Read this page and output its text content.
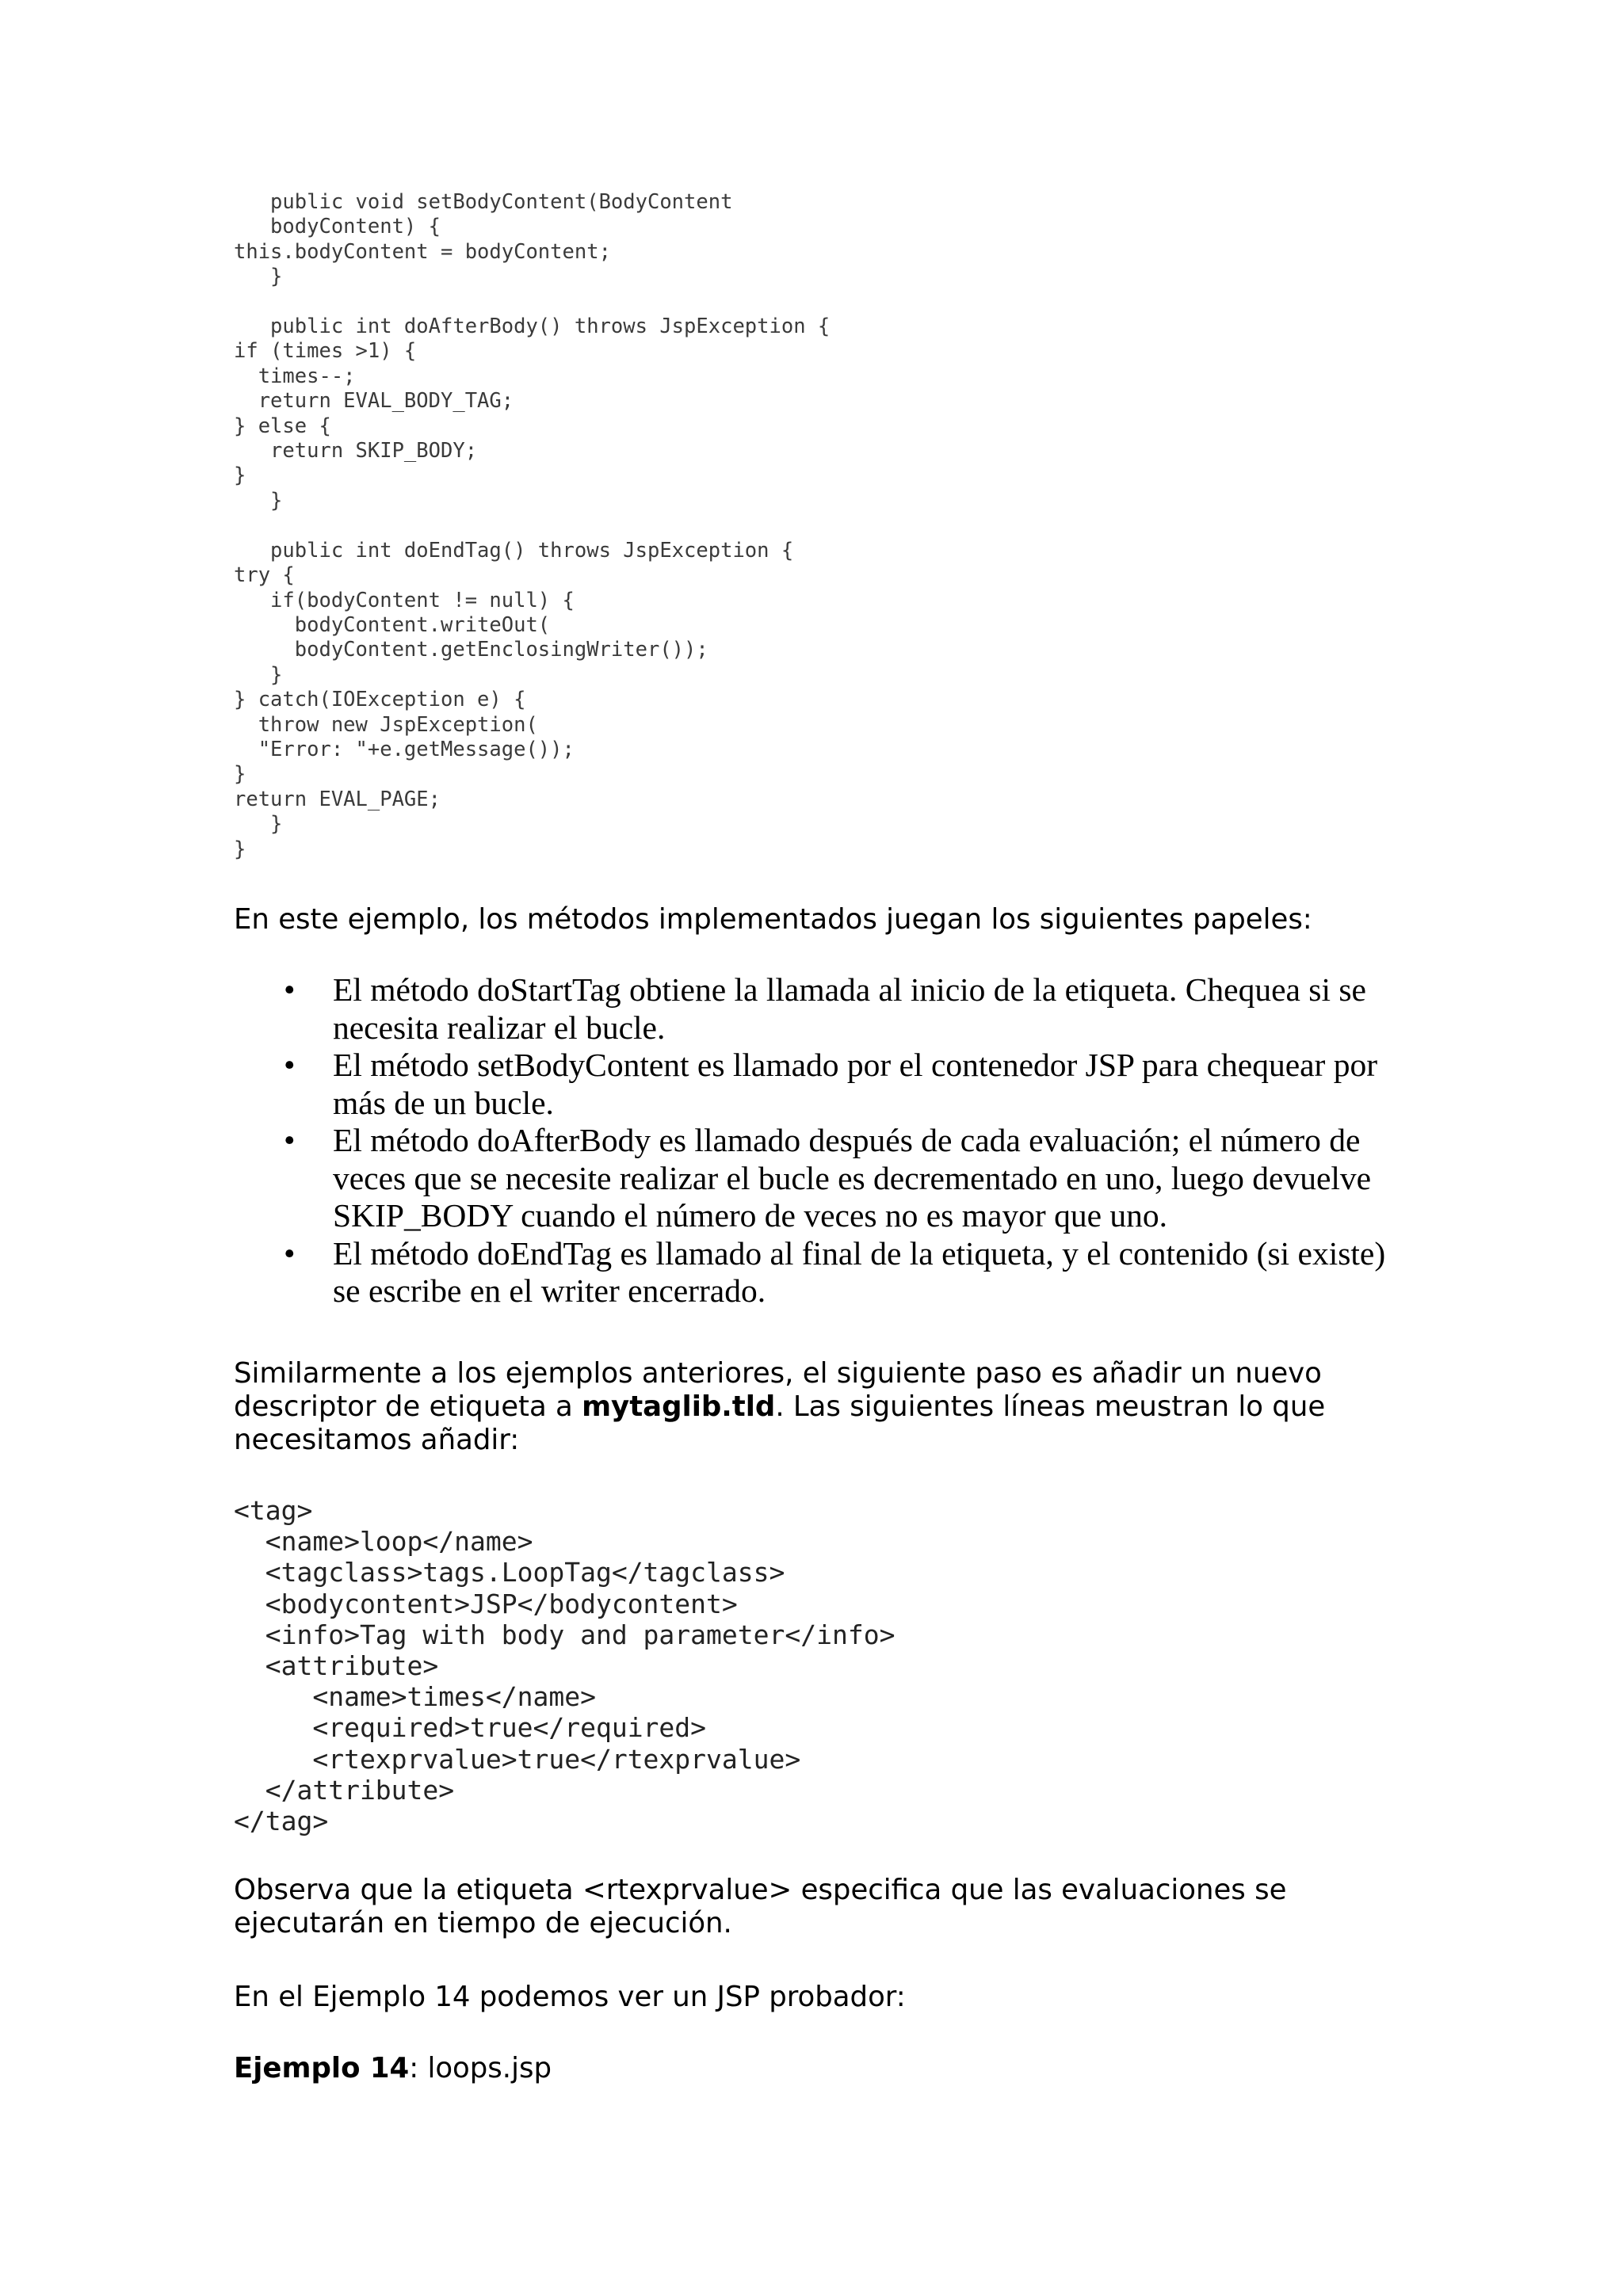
public void setBodyContent(BodyContent
bodyContent) {
this.bodyContent = bodyContent;
}

public int doAfterBody() throws JspException {
if (times >1) {
times--;
return EVAL_BODY_TAG;
} else {
return SKIP_BODY;
}
}

public int doEndTag() throws JspException {
try {
if(bodyContent != null) {
bodyContent.writeOut(
bodyContent.getEnclosingWriter());
}
} catch(IOException e) {
throw new JspException(
"Error: "+e.getMessage());
}
return EVAL_PAGE;
}
}

En este ejemplo, los métodos implementados juegan los siguientes papeles:

• El método doStartTag obtiene la llamada al inicio de la etiqueta. Chequea si se necesita realizar el bucle.
• El método setBodyContent es llamado por el contenedor JSP para chequear por más de un bucle.
• El método doAfterBody es llamado después de cada evaluación; el número de veces que se necesite realizar el bucle es decrementado en uno, luego devuelve SKIP_BODY cuando el número de veces no es mayor que uno.
• El método doEndTag es llamado al final de la etiqueta, y el contenido (si existe) se escribe en el writer encerrado.

Similarmente a los ejemplos anteriores, el siguiente paso es añadir un nuevo descriptor de etiqueta a mytaglib.tld. Las siguientes líneas meustran lo que necesitamos añadir:

<tag>
<name>loop</name>
<tagclass>tags.LoopTag</tagclass>
<bodycontent>JSP</bodycontent>
<info>Tag with body and parameter</info>
<attribute>
<name>times</name>
<required>true</required>
<rtexprvalue>true</rtexprvalue>
</attribute>
</tag>

Observa que la etiqueta <rtexprvalue> especifica que las evaluaciones se ejecutarán en tiempo de ejecución.

En el Ejemplo 14 podemos ver un JSP probador:

Ejemplo 14: loops.jsp
